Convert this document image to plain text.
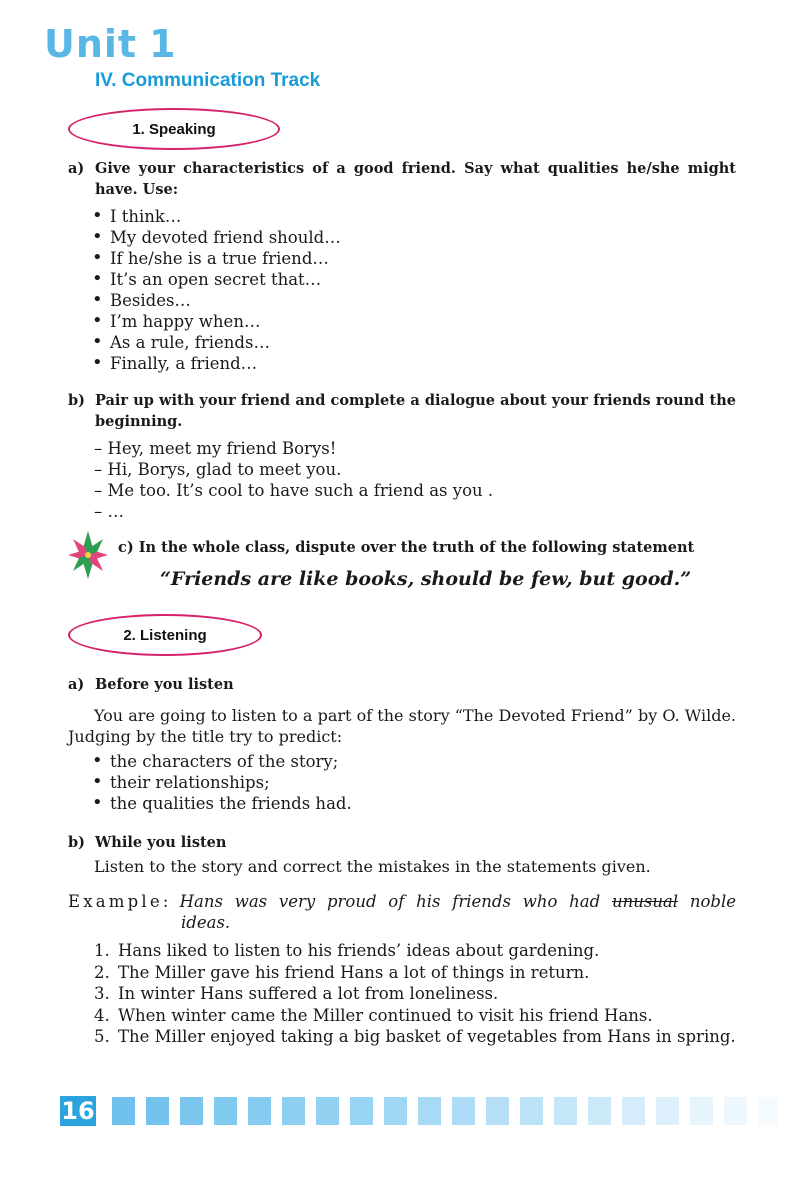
Unit 1
IV. Communication Track
1. Speaking
a) Give your characteristics of a good friend. Say what qualities he/she might have. Use:
• I think…
• My devoted friend should…
• If he/she is a true friend…
• It’s an open secret that…
• Besides…
• I’m happy when…
• As a rule, friends…
• Finally, a friend…
b) Pair up with your friend and complete a dialogue about your friends round the beginning.
– Hey, meet my friend Borys!
– Hi, Borys, glad to meet you.
– Me too. It’s cool to have such a friend as you .
– …
c) In the whole class, dispute over the truth of the following statement
“Friends are like books, should be few, but good.”
2. Listening
a) Before you listen
You are going to listen to a part of the story “The Devoted Friend” by O. Wilde. Judging by the title try to predict:
• the characters of the story;
• their relationships;
• the qualities the friends had.
b) While you listen
Listen to the story and correct the mistakes in the statements given.
Example: Hans was very proud of his friends who had unusual noble
ideas.
1. Hans liked to listen to his friends’ ideas about gardening.
2. The Miller gave his friend Hans a lot of things in return.
3. In winter Hans suffered a lot from loneliness.
4. When winter came the Miller continued to visit his friend Hans.
5. The Miller enjoyed taking a big basket of vegetables from Hans in spring.
16
